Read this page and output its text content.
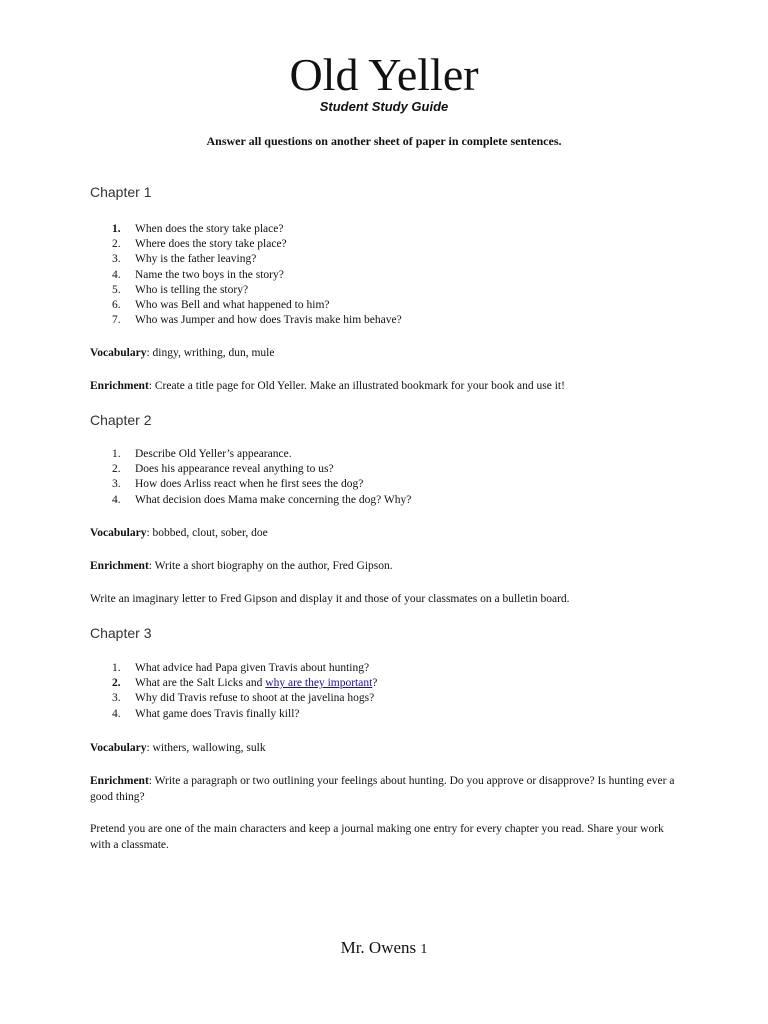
Old Yeller
Student Study Guide
Answer all questions on another sheet of paper in complete sentences.
Chapter 1
1.	When does the story take place?
2.	Where does the story take place?
3.	Why is the father leaving?
4.	Name the two boys in the story?
5.	Who is telling the story?
6.	Who was Bell and what happened to him?
7.	Who was Jumper and how does Travis make him behave?

Vocabulary: dingy, writhing, dun, mule

Enrichment: Create a title page for Old Yeller. Make an illustrated bookmark for your book and use it!

Chapter 2
1.	Describe Old Yeller’s appearance.
2.	Does his appearance reveal anything to us?
3.	How does Arliss react when he first sees the dog?
4.	What decision does Mama make concerning the dog? Why?

Vocabulary: bobbed, clout, sober, doe

Enrichment: Write a short biography on the author, Fred Gipson.

Write an imaginary letter to Fred Gipson and display it and those of your classmates on a bulletin board.

Chapter 3
1.	What advice had Papa given Travis about hunting?
2.	What are the Salt Licks and why are they important?
3.	Why did Travis refuse to shoot at the javelina hogs?
4.	What game does Travis finally kill?

Vocabulary: withers, wallowing, sulk

Enrichment: Write a paragraph or two outlining your feelings about hunting. Do you approve or disapprove? Is hunting ever a good thing?

Pretend you are one of the main characters and keep a journal making one entry for every chapter you read. Share your work with a classmate.

Mr. Owens 1
